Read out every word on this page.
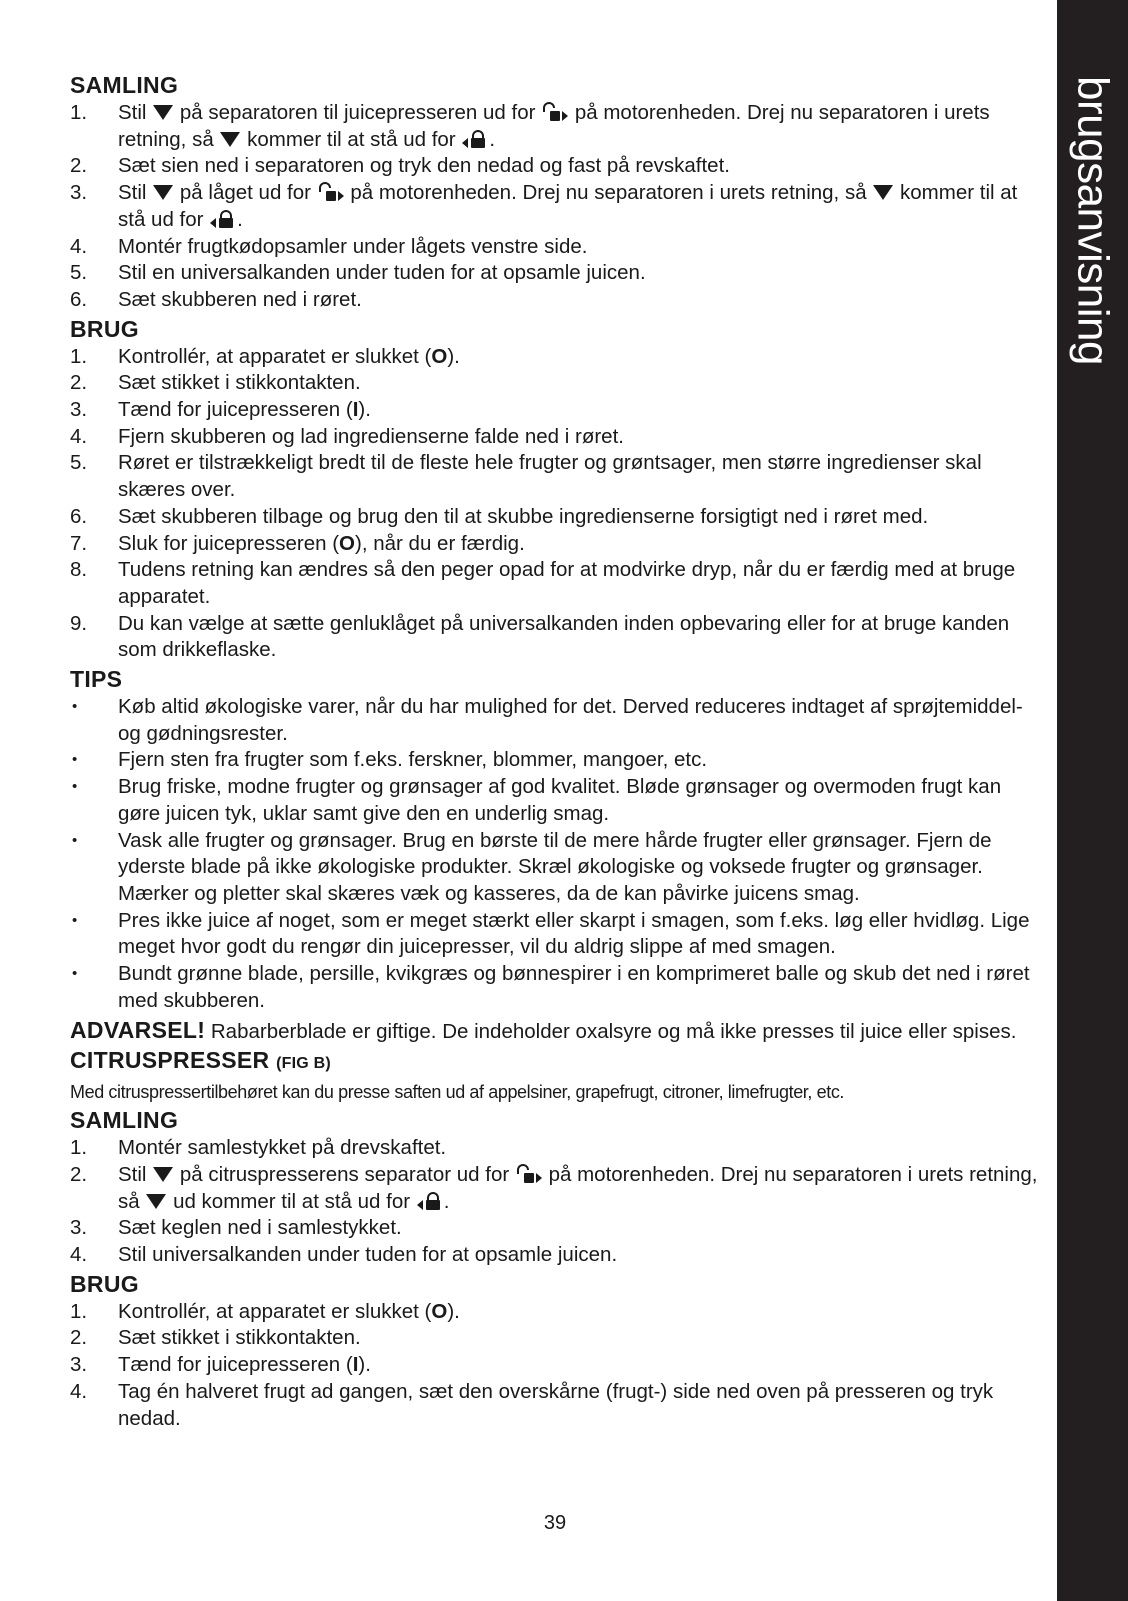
brugsanvisning
SAMLING
1.	Stil på separatoren til juicepresseren ud for på motorenheden. Drej nu separatoren i urets retning, så kommer til at stå ud for .
2.	Sæt sien ned i separatoren og tryk den nedad og fast på revskaftet.
3.	Stil på låget ud for på motorenheden. Drej nu separatoren i urets retning, så kommer til at stå ud for .
4.	Montér frugtkødopsamler under lågets venstre side.
5.	Stil en universalkanden under tuden for at opsamle juicen.
6.	Sæt skubberen ned i røret.
BRUG
1.	Kontrollér, at apparatet er slukket (O).
2.	Sæt stikket i stikkontakten.
3.	Tænd for juicepresseren (I).
4.	Fjern skubberen og lad ingredienserne falde ned i røret.
5.	Røret er tilstrækkeligt bredt til de fleste hele frugter og grøntsager, men større ingredienser skal skæres over.
6.	Sæt skubberen tilbage og brug den til at skubbe ingredienserne forsigtigt ned i røret med.
7.	Sluk for juicepresseren (O), når du er færdig.
8.	Tudens retning kan ændres så den peger opad for at modvirke dryp, når du er færdig med at bruge apparatet.
9.	Du kan vælge at sætte genluklåget på universalkanden inden opbevaring eller for at bruge kanden som drikkeflaske.
TIPS
•	Køb altid økologiske varer, når du har mulighed for det. Derved reduceres indtaget af sprøjtemiddel- og gødningsrester.
•	Fjern sten fra frugter som f.eks. ferskner, blommer, mangoer, etc.
•	Brug friske, modne frugter og grønsager af god kvalitet. Bløde grønsager og overmoden frugt kan gøre juicen tyk, uklar samt give den en underlig smag.
•	Vask alle frugter og grønsager. Brug en børste til de mere hårde frugter eller grønsager. Fjern de yderste blade på ikke økologiske produkter. Skræl økologiske og voksede frugter og grønsager. Mærker og pletter skal skæres væk og kasseres, da de kan påvirke juicens smag.
•	Pres ikke juice af noget, som er meget stærkt eller skarpt i smagen, som f.eks. løg eller hvidløg. Lige meget hvor godt du rengør din juicepresser, vil du aldrig slippe af med smagen.
•	Bundt grønne blade, persille, kvikgræs og bønnespirer i en komprimeret balle og skub det ned i røret med skubberen.

ADVARSEL! Rabarberblade er giftige. De indeholder oxalsyre og må ikke presses til juice eller spises.

CITRUSPRESSER (FIG B)
Med citruspressertilbehøret kan du presse saften ud af appelsiner, grapefrugt, citroner, limefrugter, etc.
SAMLING
1.	Montér samlestykket på drevskaftet.
2.	Stil på citruspresserens separator ud for på motorenheden. Drej nu separatoren i urets retning, så ud kommer til at stå ud for .
3.	Sæt keglen ned i samlestykket.
4.	Stil universalkanden under tuden for at opsamle juicen.
BRUG
1.	Kontrollér, at apparatet er slukket (O).
2.	Sæt stikket i stikkontakten.
3.	Tænd for juicepresseren (I).
4.	Tag én halveret frugt ad gangen, sæt den overskårne (frugt-) side ned oven på presseren og tryk nedad.
39
